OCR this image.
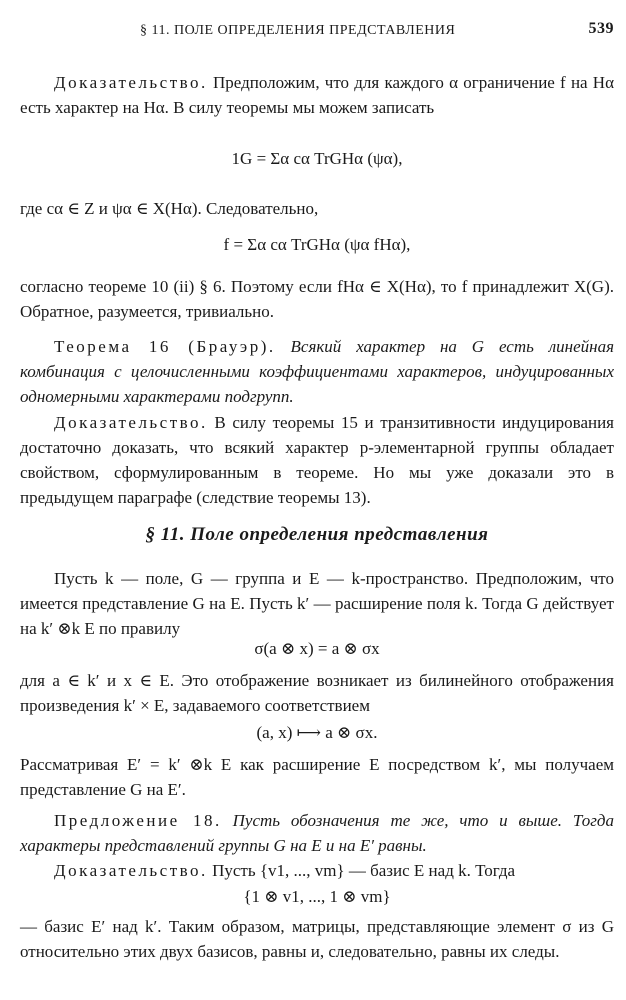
§ 11. ПОЛЕ ОПРЕДЕЛЕНИЯ ПРЕДСТАВЛЕНИЯ	539

Доказательство. Предположим, что для каждого α ограничение f на Hα есть характер на Hα. В силу теоремы мы можем записать

1G = Σα cα TrGHα (ψα),

где cα ∈ Z и ψα ∈ X(Hα). Следовательно,

f = Σα cα TrGHα (ψα fHα),

согласно теореме 10 (ii) § 6. Поэтому если fHα ∈ X(Hα), то f принадлежит X(G). Обратное, разумеется, тривиально.

Теорема 16 (Брауэр). Всякий характер на G есть линейная комбинация с целочисленными коэффициентами характеров, индуцированных одномерными характерами подгрупп.

Доказательство. В силу теоремы 15 и транзитивности индуцирования достаточно доказать, что всякий характер p-элементарной группы обладает свойством, сформулированным в теореме. Но мы уже доказали это в предыдущем параграфе (следствие теоремы 13).

§ 11. Поле определения представления

Пусть k — поле, G — группа и E — k-пространство. Предположим, что имеется представление G на E. Пусть k′ — расширение поля k. Тогда G действует на k′ ⊗k E по правилу

σ(a ⊗ x) = a ⊗ σx

для a ∈ k′ и x ∈ E. Это отображение возникает из билинейного отображения произведения k′ × E, задаваемого соответствием

(a, x) ⟼ a ⊗ σx.

Рассматривая E′ = k′ ⊗k E как расширение E посредством k′, мы получаем представление G на E′.

Предложение 18. Пусть обозначения те же, что и выше. Тогда характеры представлений группы G на E и на E′ равны.

Доказательство. Пусть {v1, ..., vm} — базис E над k. Тогда

{1 ⊗ v1, ..., 1 ⊗ vm}

— базис E′ над k′. Таким образом, матрицы, представляющие элемент σ из G относительно этих двух базисов, равны и, следовательно, равны их следы.
